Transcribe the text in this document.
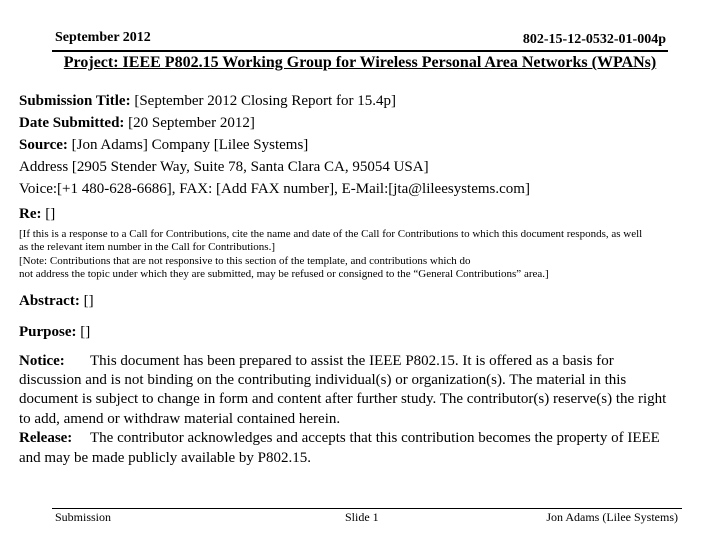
September 2012	802-15-12-0532-01-004p
Project: IEEE P802.15 Working Group for Wireless Personal Area Networks (WPANs)
Submission Title: [September 2012 Closing Report for 15.4p]
Date Submitted: [20 September 2012]
Source: [Jon Adams] Company [Lilee Systems]
Address [2905 Stender Way, Suite 78, Santa Clara CA, 95054 USA]
Voice:[+1 480-628-6686], FAX: [Add FAX number], E-Mail:[jta@lileesystems.com]
Re: []
[If this is a response to a Call for Contributions, cite the name and date of the Call for Contributions to which this document responds, as well
as the relevant item number in the Call for Contributions.]
[Note: Contributions that are not responsive to this section of the template, and contributions which do
not address the topic under which they are submitted, may be refused or consigned to the “General Contributions” area.]
Abstract: []
Purpose: []
Notice: This document has been prepared to assist the IEEE P802.15. It is offered as a basis for
discussion and is not binding on the contributing individual(s) or organization(s). The material in this
document is subject to change in form and content after further study. The contributor(s) reserve(s) the right
to add, amend or withdraw material contained herein.
Release: The contributor acknowledges and accepts that this contribution becomes the property of IEEE
and may be made publicly available by P802.15.
Submission	Slide 1	Jon Adams (Lilee Systems)
